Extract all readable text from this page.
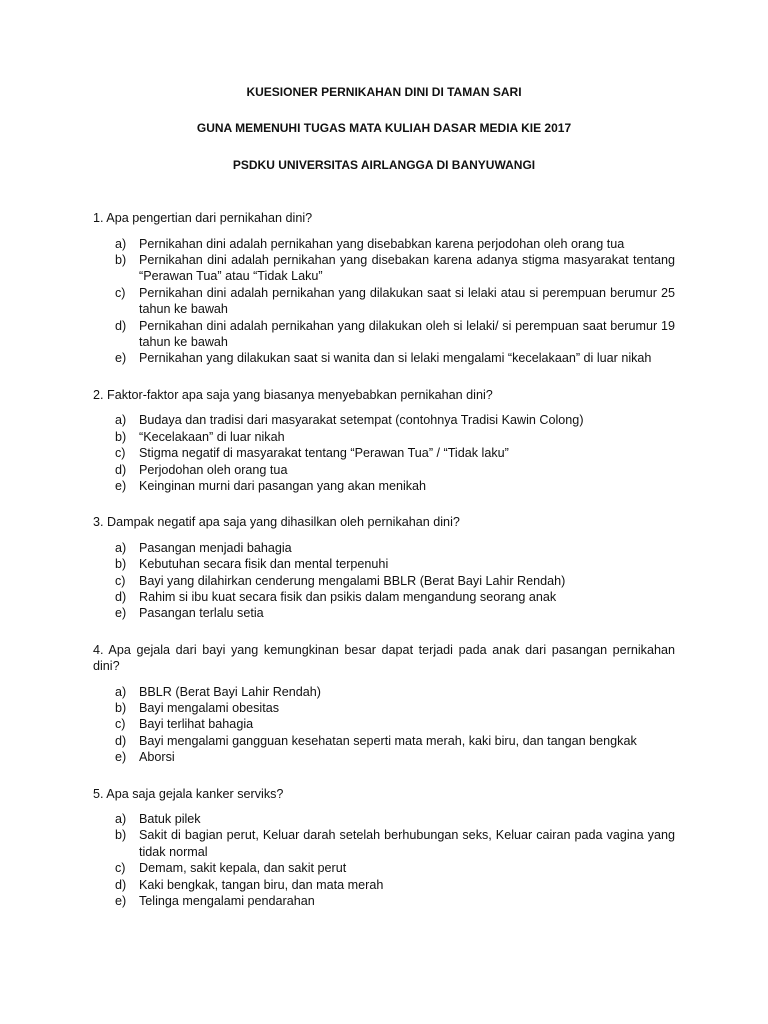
KUESIONER PERNIKAHAN DINI DI TAMAN SARI

GUNA MEMENUHI TUGAS MATA KULIAH DASAR MEDIA KIE 2017

PSDKU UNIVERSITAS AIRLANGGA DI BANYUWANGI

1. Apa pengertian dari pernikahan dini?

a) Pernikahan dini adalah pernikahan yang disebabkan karena perjodohan oleh orang tua
b) Pernikahan dini adalah pernikahan yang disebakan karena adanya stigma masyarakat tentang “Perawan Tua” atau “Tidak Laku”
c) Pernikahan dini adalah pernikahan yang dilakukan saat si lelaki atau si perempuan berumur 25 tahun ke bawah
d) Pernikahan dini adalah pernikahan yang dilakukan oleh si lelaki/ si perempuan saat berumur 19 tahun ke bawah
e) Pernikahan yang dilakukan saat si wanita dan si lelaki mengalami “kecelakaan” di luar nikah

2. Faktor-faktor apa saja yang biasanya menyebabkan pernikahan dini?

a) Budaya dan tradisi dari masyarakat setempat (contohnya Tradisi Kawin Colong)
b) “Kecelakaan” di luar nikah
c) Stigma negatif di masyarakat tentang “Perawan Tua” / “Tidak laku”
d) Perjodohan oleh orang tua
e) Keinginan murni dari pasangan yang akan menikah

3. Dampak negatif apa saja yang dihasilkan oleh pernikahan dini?

a) Pasangan menjadi bahagia
b) Kebutuhan secara fisik dan mental terpenuhi
c) Bayi yang dilahirkan cenderung mengalami BBLR (Berat Bayi Lahir Rendah)
d) Rahim si ibu kuat secara fisik dan psikis dalam mengandung seorang anak
e) Pasangan terlalu setia

4. Apa gejala dari bayi yang kemungkinan besar dapat terjadi pada anak dari pasangan pernikahan dini?

a) BBLR (Berat Bayi Lahir Rendah)
b) Bayi mengalami obesitas
c) Bayi terlihat bahagia
d) Bayi mengalami gangguan kesehatan seperti mata merah, kaki biru, dan tangan bengkak
e) Aborsi

5. Apa saja gejala kanker serviks?

a) Batuk pilek
b) Sakit di bagian perut, Keluar darah setelah berhubungan seks, Keluar cairan pada vagina yang tidak normal
c) Demam, sakit kepala, dan sakit perut
d) Kaki bengkak, tangan biru, dan mata merah
e) Telinga mengalami pendarahan
